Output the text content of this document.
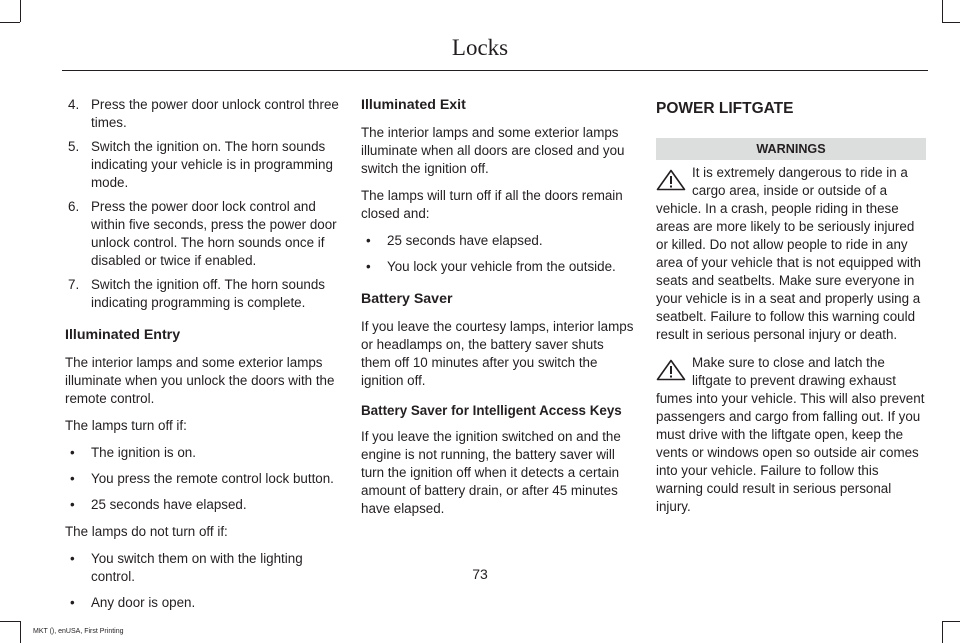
Locks
4. Press the power door unlock control three times.
5. Switch the ignition on. The horn sounds indicating your vehicle is in programming mode.
6. Press the power door lock control and within five seconds, press the power door unlock control. The horn sounds once if disabled or twice if enabled.
7. Switch the ignition off. The horn sounds indicating programming is complete.
Illuminated Entry

The interior lamps and some exterior lamps illuminate when you unlock the doors with the remote control.

The lamps turn off if:

• The ignition is on.
• You press the remote control lock button.
• 25 seconds have elapsed.

The lamps do not turn off if:

• You switch them on with the lighting control.
• Any door is open.
Illuminated Exit

The interior lamps and some exterior lamps illuminate when all doors are closed and you switch the ignition off.

The lamps will turn off if all the doors remain closed and:

• 25 seconds have elapsed.
• You lock your vehicle from the outside.
Battery Saver

If you leave the courtesy lamps, interior lamps or headlamps on, the battery saver shuts them off 10 minutes after you switch the ignition off.

Battery Saver for Intelligent Access Keys

If you leave the ignition switched on and the engine is not running, the battery saver will turn the ignition off when it detects a certain amount of battery drain, or after 45 minutes have elapsed.

POWER LIFTGATE
WARNINGS

It is extremely dangerous to ride in a cargo area, inside or outside of a vehicle. In a crash, people riding in these areas are more likely to be seriously injured or killed. Do not allow people to ride in any area of your vehicle that is not equipped with seats and seatbelts. Make sure everyone in your vehicle is in a seat and properly using a seatbelt. Failure to follow this warning could result in serious personal injury or death.

Make sure to close and latch the liftgate to prevent drawing exhaust fumes into your vehicle. This will also prevent passengers and cargo from falling out. If you must drive with the liftgate open, keep the vents or windows open so outside air comes into your vehicle. Failure to follow this warning could result in serious personal injury.

73
MKT (), enUSA, First Printing
